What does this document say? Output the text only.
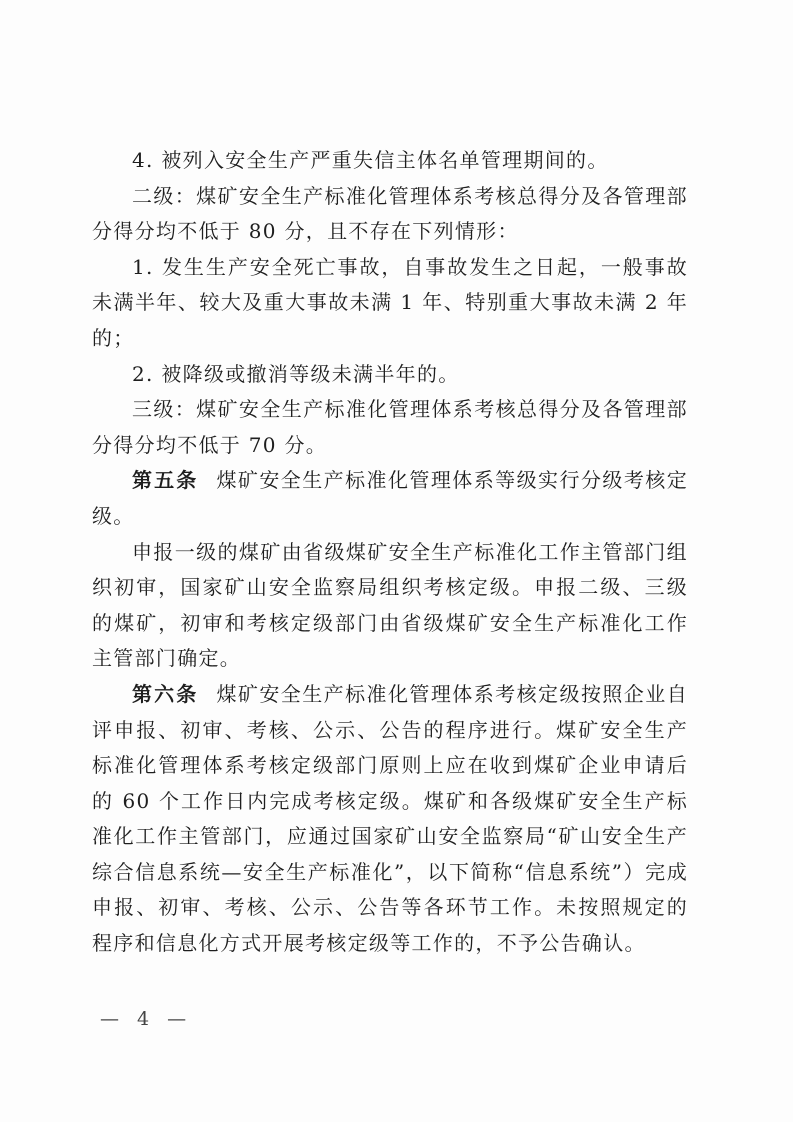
4. 被列入安全生产严重失信主体名单管理期间的。

二级：煤矿安全生产标准化管理体系考核总得分及各管理部分得分均不低于 80 分，且不存在下列情形：

1. 发生生产安全死亡事故，自事故发生之日起，一般事故未满半年、较大及重大事故未满 1 年、特别重大事故未满 2 年的；

2. 被降级或撤消等级未满半年的。

三级：煤矿安全生产标准化管理体系考核总得分及各管理部分得分均不低于 70 分。

第五条 煤矿安全生产标准化管理体系等级实行分级考核定级。

申报一级的煤矿由省级煤矿安全生产标准化工作主管部门组织初审，国家矿山安全监察局组织考核定级。申报二级、三级的煤矿，初审和考核定级部门由省级煤矿安全生产标准化工作主管部门确定。

第六条 煤矿安全生产标准化管理体系考核定级按照企业自评申报、初审、考核、公示、公告的程序进行。煤矿安全生产标准化管理体系考核定级部门原则上应在收到煤矿企业申请后的 60 个工作日内完成考核定级。煤矿和各级煤矿安全生产标准化工作主管部门，应通过国家矿山安全监察局“矿山安全生产综合信息系统—安全生产标准化”，以下简称“信息系统”）完成申报、初审、考核、公示、公告等各环节工作。未按照规定的程序和信息化方式开展考核定级等工作的，不予公告确认。

— 4 —
